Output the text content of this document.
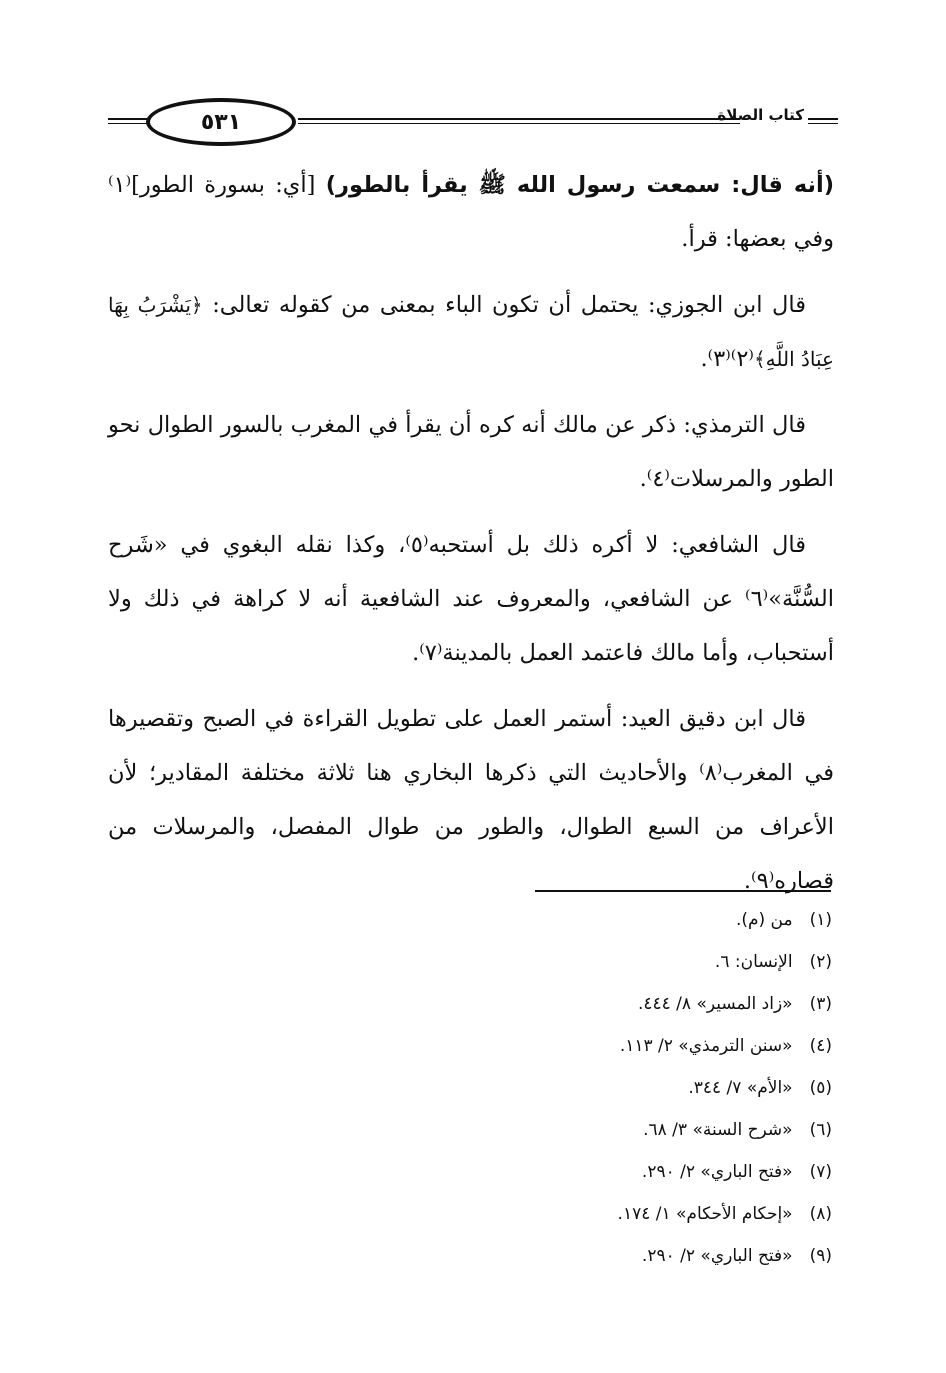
٥٣١	كتاب الصلاة

(أنه قال: سمعت رسول الله ﷺ يقرأ بالطور) [أي: بسورة الطور]⁽١⁾ وفي بعضها: قرأ.

قال ابن الجوزي: يحتمل أن تكون الباء بمعنى من كقوله تعالى: ﴿يَشْرَبُ بِهَا عِبَادُ اللَّهِ﴾⁽٢⁾⁽٣⁾.

قال الترمذي: ذكر عن مالك أنه كره أن يقرأ في المغرب بالسور الطوال نحو الطور والمرسلات⁽٤⁾.

قال الشافعي: لا أكره ذلك بل أستحبه⁽٥⁾، وكذا نقله البغوي في «شَرح السُّنَّة»⁽٦⁾ عن الشافعي، والمعروف عند الشافعية أنه لا كراهة في ذلك ولا أستحباب، وأما مالك فاعتمد العمل بالمدينة⁽٧⁾.

قال ابن دقيق العيد: أستمر العمل على تطويل القراءة في الصبح وتقصيرها في المغرب⁽٨⁾ والأحاديث التي ذكرها البخاري هنا ثلاثة مختلفة المقادير؛ لأن الأعراف من السبع الطوال، والطور من طوال المفصل، والمرسلات من قصاره⁽٩⁾.

(١) من (م).
(٢) الإنسان: ٦.
(٣) «زاد المسير» ٨/ ٤٤٤.
(٤) «سنن الترمذي» ٢/ ١١٣.
(٥) «الأم» ٧/ ٣٤٤.
(٦) «شرح السنة» ٣/ ٦٨.
(٧) «فتح الباري» ٢/ ٢٩٠.
(٨) «إحكام الأحكام» ١/ ١٧٤.
(٩) «فتح الباري» ٢/ ٢٩٠.
